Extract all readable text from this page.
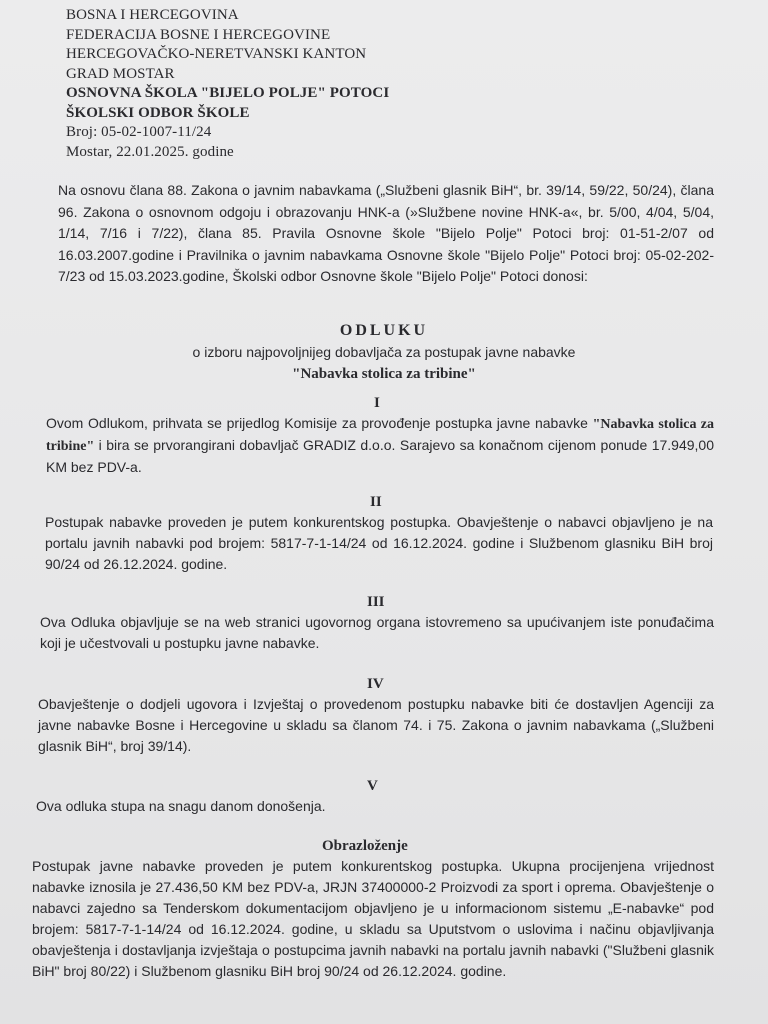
BOSNA I HERCEGOVINA
FEDERACIJA BOSNE I HERCEGOVINE
HERCEGOVAČKO-NERETVANSKI KANTON
GRAD MOSTAR
OSNOVNA ŠKOLA "BIJELO POLJE" POTOCI
ŠKOLSKI ODBOR ŠKOLE
Broj: 05-02-1007-11/24
Mostar, 22.01.2025. godine
Na osnovu člana 88. Zakona o javnim nabavkama („Službeni glasnik BiH“, br. 39/14, 59/22, 50/24), člana 96. Zakona o osnovnom odgoju i obrazovanju HNK-a (»Službene novine HNK-a«, br. 5/00, 4/04, 5/04, 1/14, 7/16 i 7/22), člana 85. Pravila Osnovne škole "Bijelo Polje" Potoci broj: 01-51-2/07 od 16.03.2007.godine i Pravilnika o javnim nabavkama Osnovne škole "Bijelo Polje" Potoci broj: 05-02-202-7/23 od 15.03.2023.godine, Školski odbor Osnovne škole "Bijelo Polje" Potoci donosi:
ODLUKU
o izboru najpovoljnijeg dobavljača za postupak javne nabavke
"Nabavka stolica za tribine"
I
Ovom Odlukom, prihvata se prijedlog Komisije za provođenje postupka javne nabavke "Nabavka stolica za tribine" i bira se prvorangirani dobavljač GRADIZ d.o.o. Sarajevo sa konačnom cijenom ponude 17.949,00 KM bez PDV-a.
II
Postupak nabavke proveden je putem konkurentskog postupka. Obavještenje o nabavci objavljeno je na portalu javnih nabavki pod brojem: 5817-7-1-14/24 od 16.12.2024. godine i Službenom glasniku BiH broj 90/24 od 26.12.2024. godine.
III
Ova Odluka objavljuje se na web stranici ugovornog organa istovremeno sa upućivanjem iste ponuđačima koji je učestvovali u postupku javne nabavke.
IV
Obavještenje o dodjeli ugovora i Izvještaj o provedenom postupku nabavke biti će dostavljen Agenciji za javne nabavke Bosne i Hercegovine u skladu sa članom 74. i 75. Zakona o javnim nabavkama („Službeni glasnik BiH“, broj 39/14).
V
Ova odluka stupa na snagu danom donošenja.
Obrazloženje
Postupak javne nabavke proveden je putem konkurentskog postupka. Ukupna procijenjena vrijednost nabavke iznosila je 27.436,50 KM bez PDV-a, JRJN 37400000-2 Proizvodi za sport i oprema. Obavještenje o nabavci zajedno sa Tenderskom dokumentacijom objavljeno je u informacionom sistemu „E-nabavke“ pod brojem: 5817-7-1-14/24 od 16.12.2024. godine, u skladu sa Uputstvom o uslovima i načinu objavljivanja obavještenja i dostavljanja izvještaja o postupcima javnih nabavki na portalu javnih nabavki ("Službeni glasnik BiH" broj 80/22) i Službenom glasniku BiH broj 90/24 od 26.12.2024. godine.
